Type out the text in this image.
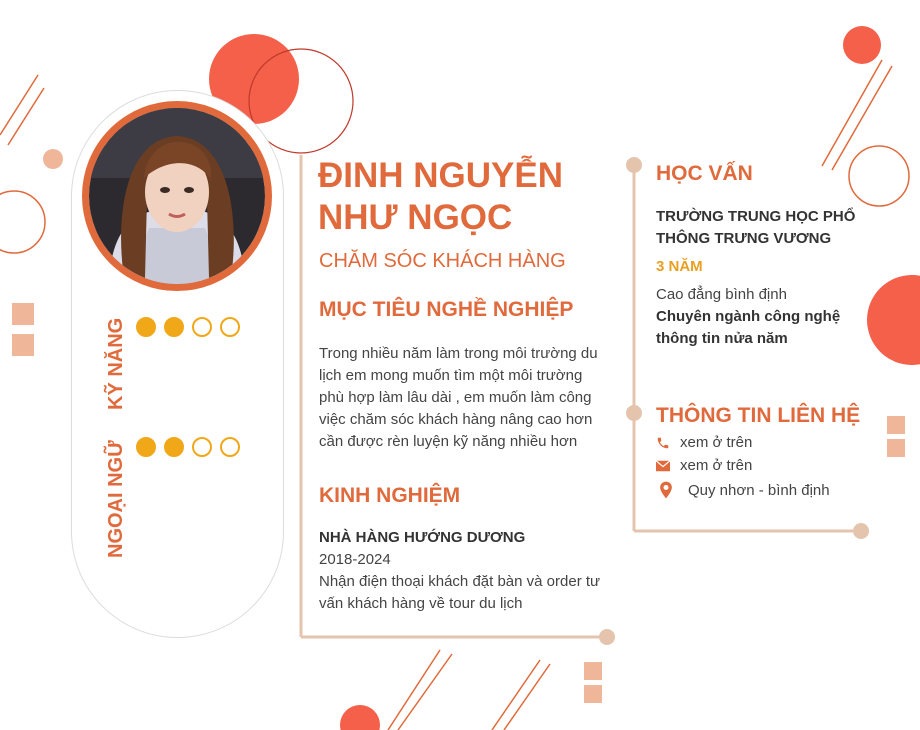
KỸ NĂNG
NGOẠI NGỮ
ĐINH NGUYỄN
NHƯ NGỌC
CHĂM SÓC KHÁCH HÀNG
MỤC TIÊU NGHỀ NGHIỆP
Trong nhiều năm làm trong môi trường du
lịch em mong muốn tìm một môi trường
phù hợp làm lâu dài , em muốn làm công
việc chăm sóc khách hàng nâng cao hơn
cần được rèn luyện kỹ năng nhiều hơn
KINH NGHIỆM
NHÀ HÀNG HƯỚNG DƯƠNG
2018-2024
Nhận điện thoại khách đặt bàn và order tư
vấn khách hàng về tour du lịch
HỌC VẤN
TRƯỜNG TRUNG HỌC PHỔ
THÔNG TRƯNG VƯƠNG
3 NĂM
Cao đẳng bình định
Chuyên ngành công nghệ
thông tin nửa năm
THÔNG TIN LIÊN HỆ
xem ở trên
xem ở trên
Quy nhơn - bình định
